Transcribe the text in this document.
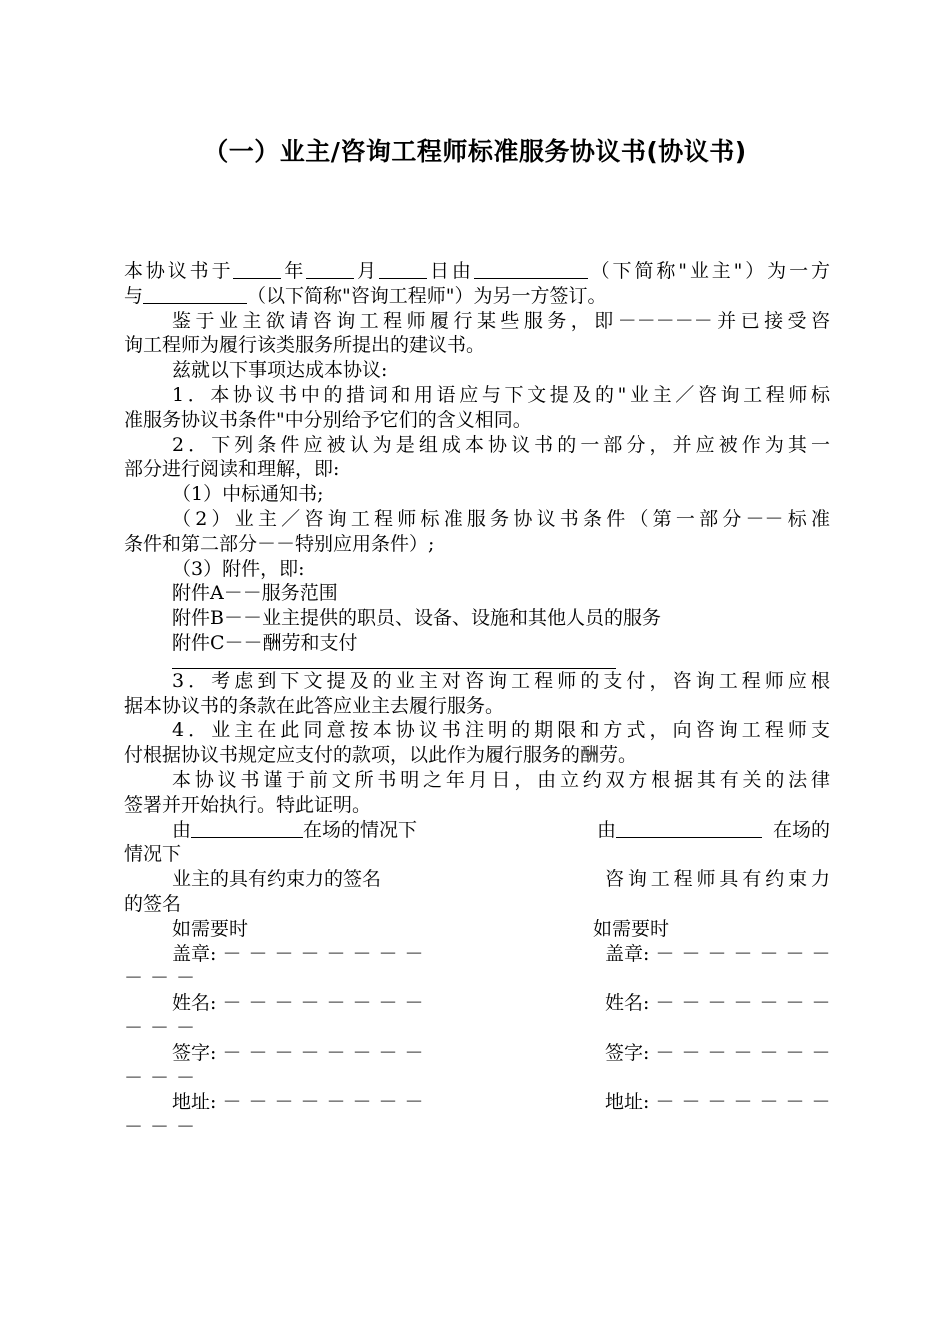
（一）业主/咨询工程师标准服务协议书(协议书)
本协议书于	年	月	日由	（下简称"业主"）为一方
与	（以下简称"咨询工程师"）为另一方签订。
鉴于业主欲请咨询工程师履行某些服务，即－－－－－并已接受咨
询工程师为履行该类服务所提出的建议书。
兹就以下事项达成本协议:
1．本协议书中的措词和用语应与下文提及的"业主／咨询工程师标
准服务协议书条件"中分别给予它们的含义相同。
2．下列条件应被认为是组成本协议书的一部分，并应被作为其一
部分进行阅读和理解，即:
（1）中标通知书;
（2）业主／咨询工程师标准服务协议书条件（第一部分－－标准
条件和第二部分－－特别应用条件）;
（3）附件，即:
附件A－－服务范围
附件B－－业主提供的职员、设备、设施和其他人员的服务
附件C－－酬劳和支付
3．考虑到下文提及的业主对咨询工程师的支付，咨询工程师应根
据本协议书的条款在此答应业主去履行服务。
4．业主在此同意按本协议书注明的期限和方式，向咨询工程师支
付根据协议书规定应支付的款项，以此作为履行服务的酬劳。
本协议书谨于前文所书明之年月日，由立约双方根据其有关的法律
签署并开始执行。特此证明。
由	在场的情况下	由	在场的
情况下
业主的具有约束力的签名	咨询工程师具有约束力
的签名
如需要时	如需要时
盖章: －－－－－－－－	盖章: －－－－－－－
－－－
姓名: －－－－－－－－	姓名: －－－－－－－
－－－
签字: －－－－－－－－	签字: －－－－－－－
－－－
地址: －－－－－－－－	地址: －－－－－－－
－－－
